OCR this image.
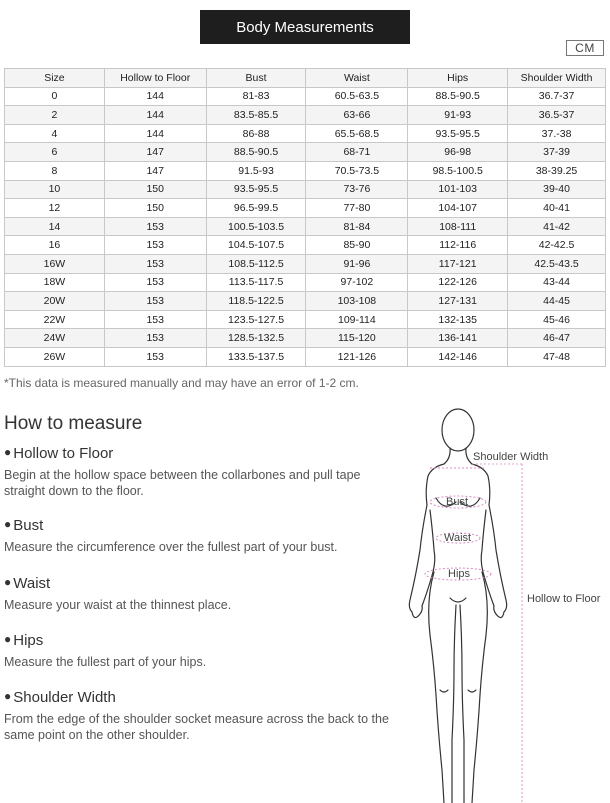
Body Measurements
CM
Size	Hollow to Floor	Bust	Waist	Hips	Shoulder Width
0	144	81-83	60.5-63.5	88.5-90.5	36.7-37
2	144	83.5-85.5	63-66	91-93	36.5-37
4	144	86-88	65.5-68.5	93.5-95.5	37.-38
6	147	88.5-90.5	68-71	96-98	37-39
8	147	91.5-93	70.5-73.5	98.5-100.5	38-39.25
10	150	93.5-95.5	73-76	101-103	39-40
12	150	96.5-99.5	77-80	104-107	40-41
14	153	100.5-103.5	81-84	108-111	41-42
16	153	104.5-107.5	85-90	112-116	42-42.5
16W	153	108.5-112.5	91-96	117-121	42.5-43.5
18W	153	113.5-117.5	97-102	122-126	43-44
20W	153	118.5-122.5	103-108	127-131	44-45
22W	153	123.5-127.5	109-114	132-135	45-46
24W	153	128.5-132.5	115-120	136-141	46-47
26W	153	133.5-137.5	121-126	142-146	47-48
*This data is measured manually and may have an error of 1-2 cm.
How to measure
● Hollow to Floor

Begin at the hollow space between the collarbones and pull tape straight down to the floor.

● Bust

Measure the circumference over the fullest part of your bust.

● Waist

Measure your waist at the thinnest place.

● Hips

Measure the fullest part of your hips.

● Shoulder Width

From the edge of the shoulder socket measure across the back to the same point on the other shoulder.

Shoulder Width
Bust
Waist
Hips
Hollow to Floor
